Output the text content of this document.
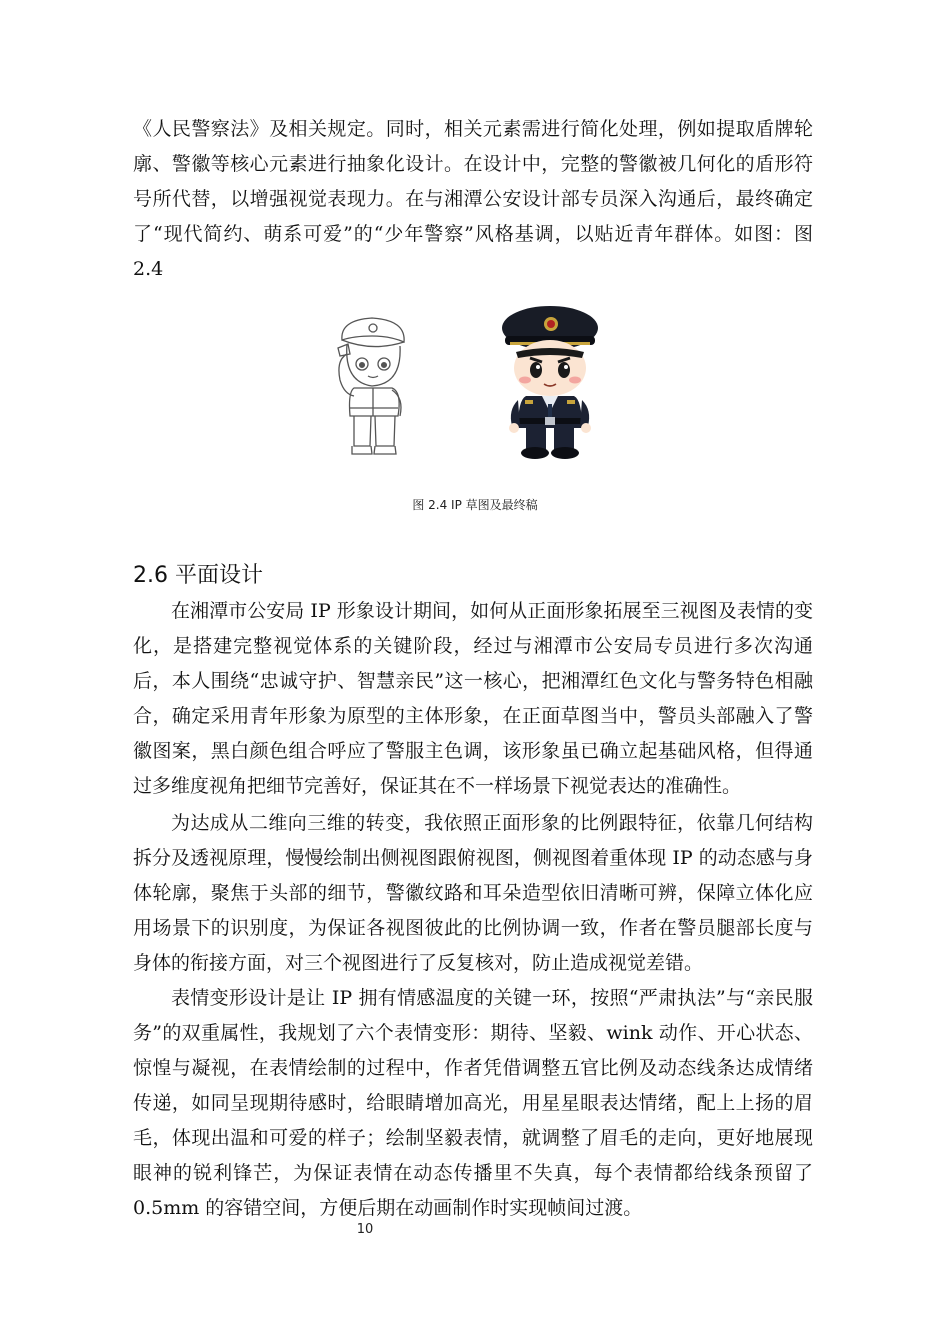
《人民警察法》及相关规定。同时，相关元素需进行简化处理，例如提取盾牌轮廓、警徽等核心元素进行抽象化设计。在设计中，完整的警徽被几何化的盾形符号所代替，以增强视觉表现力。在与湘潭公安设计部专员深入沟通后，最终确定了“现代简约、萌系可爱”的“少年警察”风格基调，以贴近青年群体。如图：图 2.4

图 2.4 IP 草图及最终稿
2.6 平面设计

在湘潭市公安局 IP 形象设计期间，如何从正面形象拓展至三视图及表情的变化，是搭建完整视觉体系的关键阶段，经过与湘潭市公安局专员进行多次沟通后，本人围绕“忠诚守护、智慧亲民”这一核心，把湘潭红色文化与警务特色相融合，确定采用青年形象为原型的主体形象，在正面草图当中，警员头部融入了警徽图案，黑白颜色组合呼应了警服主色调，该形象虽已确立起基础风格，但得通过多维度视角把细节完善好，保证其在不一样场景下视觉表达的准确性。

为达成从二维向三维的转变，我依照正面形象的比例跟特征，依靠几何结构拆分及透视原理，慢慢绘制出侧视图跟俯视图，侧视图着重体现 IP 的动态感与身体轮廓，聚焦于头部的细节，警徽纹路和耳朵造型依旧清晰可辨，保障立体化应用场景下的识别度，为保证各视图彼此的比例协调一致，作者在警员腿部长度与身体的衔接方面，对三个视图进行了反复核对，防止造成视觉差错。

表情变形设计是让 IP 拥有情感温度的关键一环，按照“严肃执法”与“亲民服务”的双重属性，我规划了六个表情变形：期待、坚毅、wink 动作、开心状态、惊惶与凝视，在表情绘制的过程中，作者凭借调整五官比例及动态线条达成情绪传递，如同呈现期待感时，给眼睛增加高光，用星星眼表达情绪，配上上扬的眉毛，体现出温和可爱的样子；绘制坚毅表情，就调整了眉毛的走向，更好地展现眼神的锐利锋芒，为保证表情在动态传播里不失真，每个表情都给线条预留了 0.5mm 的容错空间，方便后期在动画制作时实现帧间过渡。

10
